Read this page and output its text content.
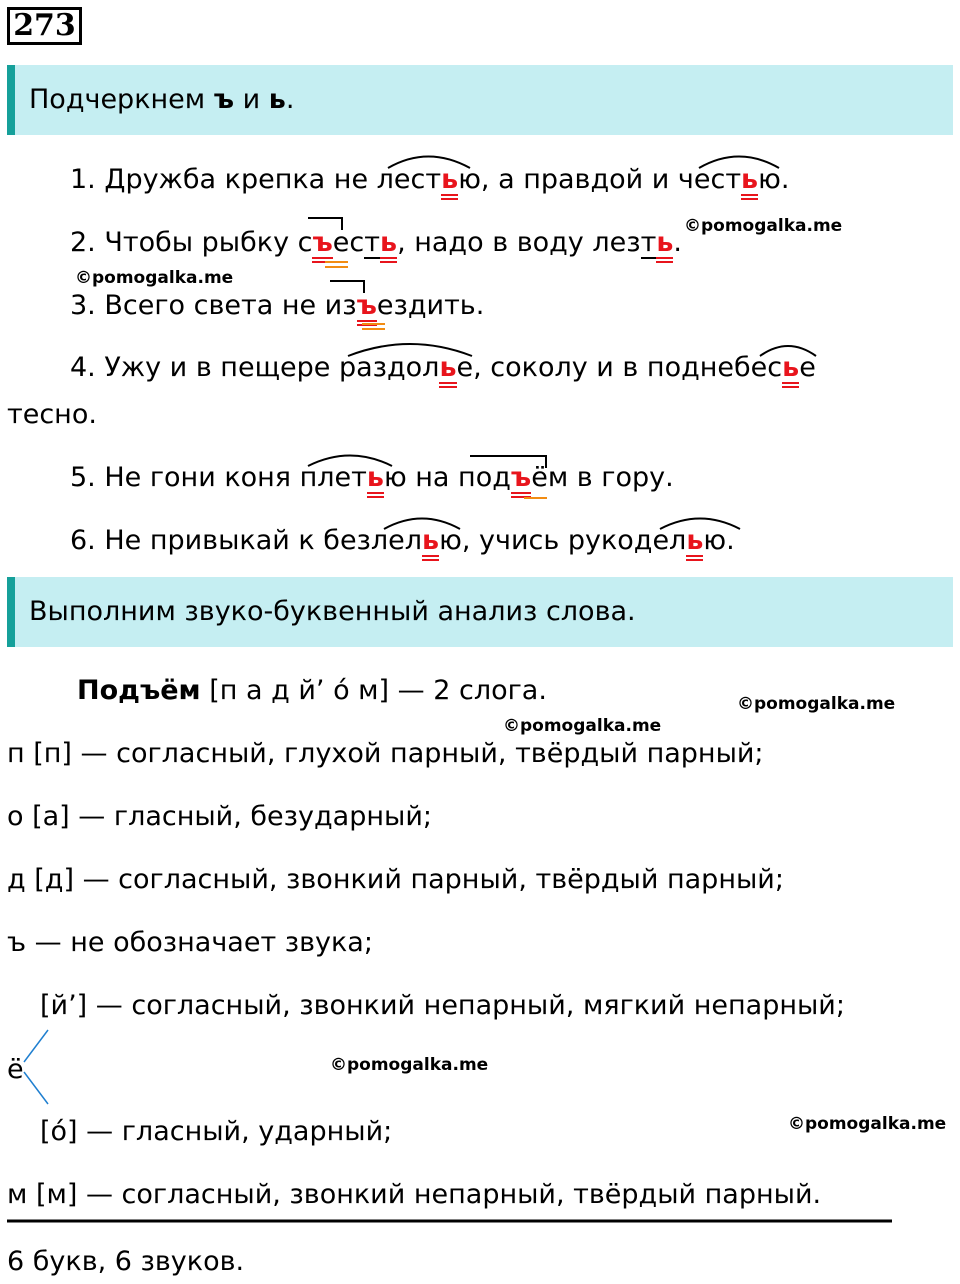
273
Подчеркнем ъ и ь.
1. Дружба крепка не лестью, а правдой и честью.
2. Чтобы рыбку съесть, надо в воду лезть.
3. Всего света не изъездить.
4. Ужу и в пещере раздолье, соколу и в поднебесье
тесно.
5. Не гони коня плетью на подъём в гору.
6. Не привыкай к безлелью, учись рукоделью.
Выполним звуко-буквенный анализ слова.
Подъём [п а д й’ ó м] — 2 слога.
п [п] — согласный, глухой парный, твёрдый парный;
о [а] — гласный, безударный;
д [д] — согласный, звонкий парный, твёрдый парный;
ъ — не обозначает звука;
[й’] — согласный, звонкий непарный, мягкий непарный;
ё
[ó] — гласный, ударный;
м [м] — согласный, звонкий непарный, твёрдый парный.
6 букв, 6 звуков.
©pomogalka.me
©pomogalka.me
©pomogalka.me
©pomogalka.me
©pomogalka.me
©pomogalka.me
